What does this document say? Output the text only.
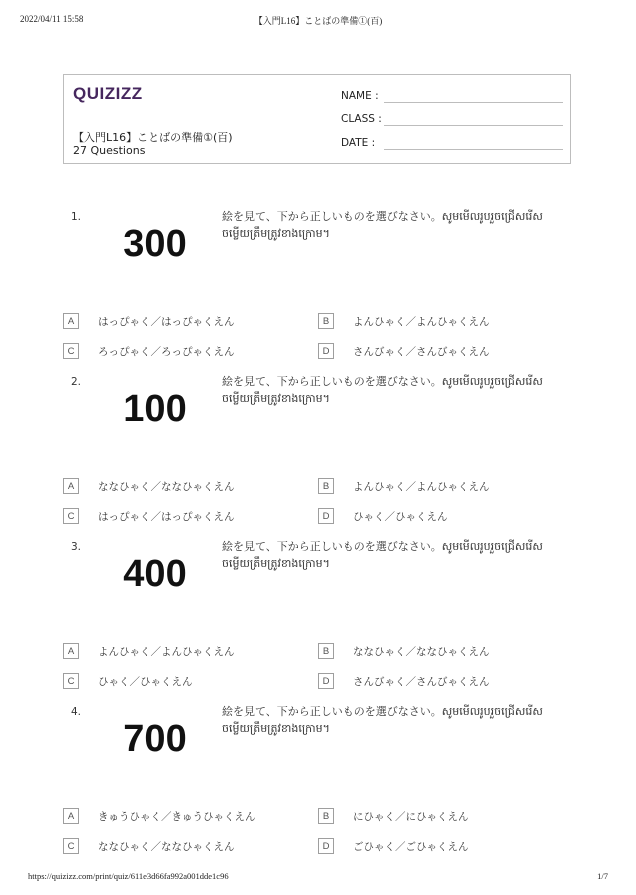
2022/04/11 15:58	【入門L16】ことばの準備①(百)
QUIZIZZ
【入門L16】ことばの準備①(百)
27 Questions
NAME :
CLASS :
DATE :
1.
300
絵を見て、下から正しいものを選びなさい。សូមមើលរូបរួចជ្រើសរើសចម្លើយត្រឹមត្រូវខាងក្រោម។
A	はっぴゃく／はっぴゃくえん	B	よんひゃく／よんひゃくえん
C	ろっぴゃく／ろっぴゃくえん	D	さんびゃく／さんびゃくえん
2.
100
絵を見て、下から正しいものを選びなさい。សូមមើលរូបរួចជ្រើសរើសចម្លើយត្រឹមត្រូវខាងក្រោម។
A	ななひゃく／ななひゃくえん	B	よんひゃく／よんひゃくえん
C	はっぴゃく／はっぴゃくえん	D	ひゃく／ひゃくえん
3.
400
絵を見て、下から正しいものを選びなさい。សូមមើលរូបរួចជ្រើសរើសចម្លើយត្រឹមត្រូវខាងក្រោម។
A	よんひゃく／よんひゃくえん	B	ななひゃく／ななひゃくえん
C	ひゃく／ひゃくえん	D	さんびゃく／さんびゃくえん
4.
700
絵を見て、下から正しいものを選びなさい。សូមមើលរូបរួចជ្រើសរើសចម្លើយត្រឹមត្រូវខាងក្រោម។
A	きゅうひゃく／きゅうひゃくえん	B	にひゃく／にひゃくえん
C	ななひゃく／ななひゃくえん	D	ごひゃく／ごひゃくえん
https://quizizz.com/print/quiz/611e3d66fa992a001dde1c96	1/7
